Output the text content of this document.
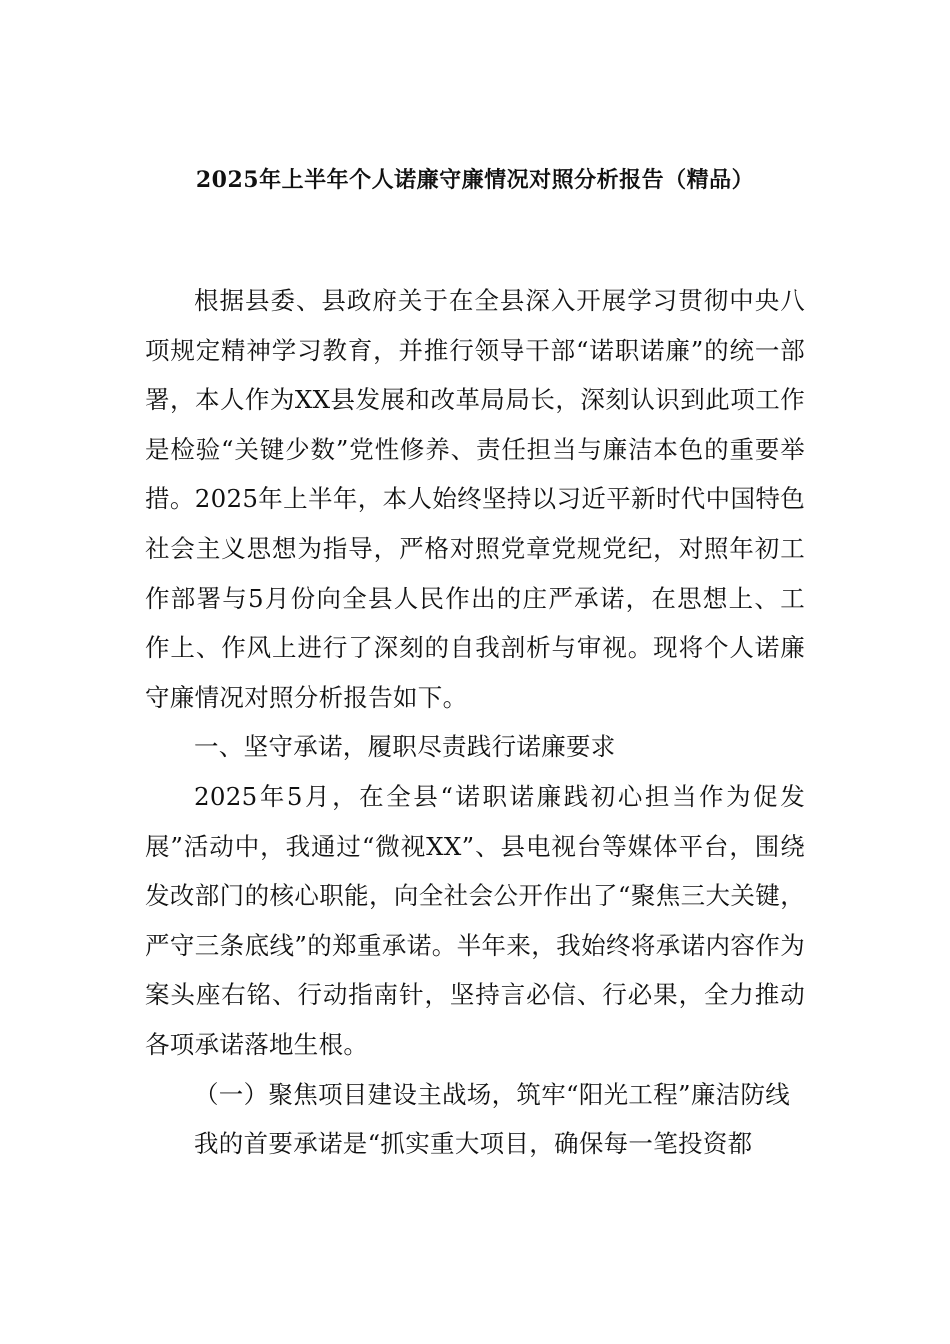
2025年上半年个人诺廉守廉情况对照分析报告（精品）

根据县委、县政府关于在全县深入开展学习贯彻中央八项规定精神学习教育，并推行领导干部“诺职诺廉”的统一部署，本人作为XX县发展和改革局局长，深刻认识到此项工作是检验“关键少数”党性修养、责任担当与廉洁本色的重要举措。2025年上半年，本人始终坚持以习近平新时代中国特色社会主义思想为指导，严格对照党章党规党纪，对照年初工作部署与5月份向全县人民作出的庄严承诺，在思想上、工作上、作风上进行了深刻的自我剖析与审视。现将个人诺廉守廉情况对照分析报告如下。

一、坚守承诺，履职尽责践行诺廉要求

2025年5月，在全县“诺职诺廉践初心担当作为促发展”活动中，我通过“微视XX”、县电视台等媒体平台，围绕发改部门的核心职能，向全社会公开作出了“聚焦三大关键，严守三条底线”的郑重承诺。半年来，我始终将承诺内容作为案头座右铭、行动指南针，坚持言必信、行必果，全力推动各项承诺落地生根。

（一）聚焦项目建设主战场，筑牢“阳光工程”廉洁防线

我的首要承诺是“抓实重大项目，确保每一笔投资都
